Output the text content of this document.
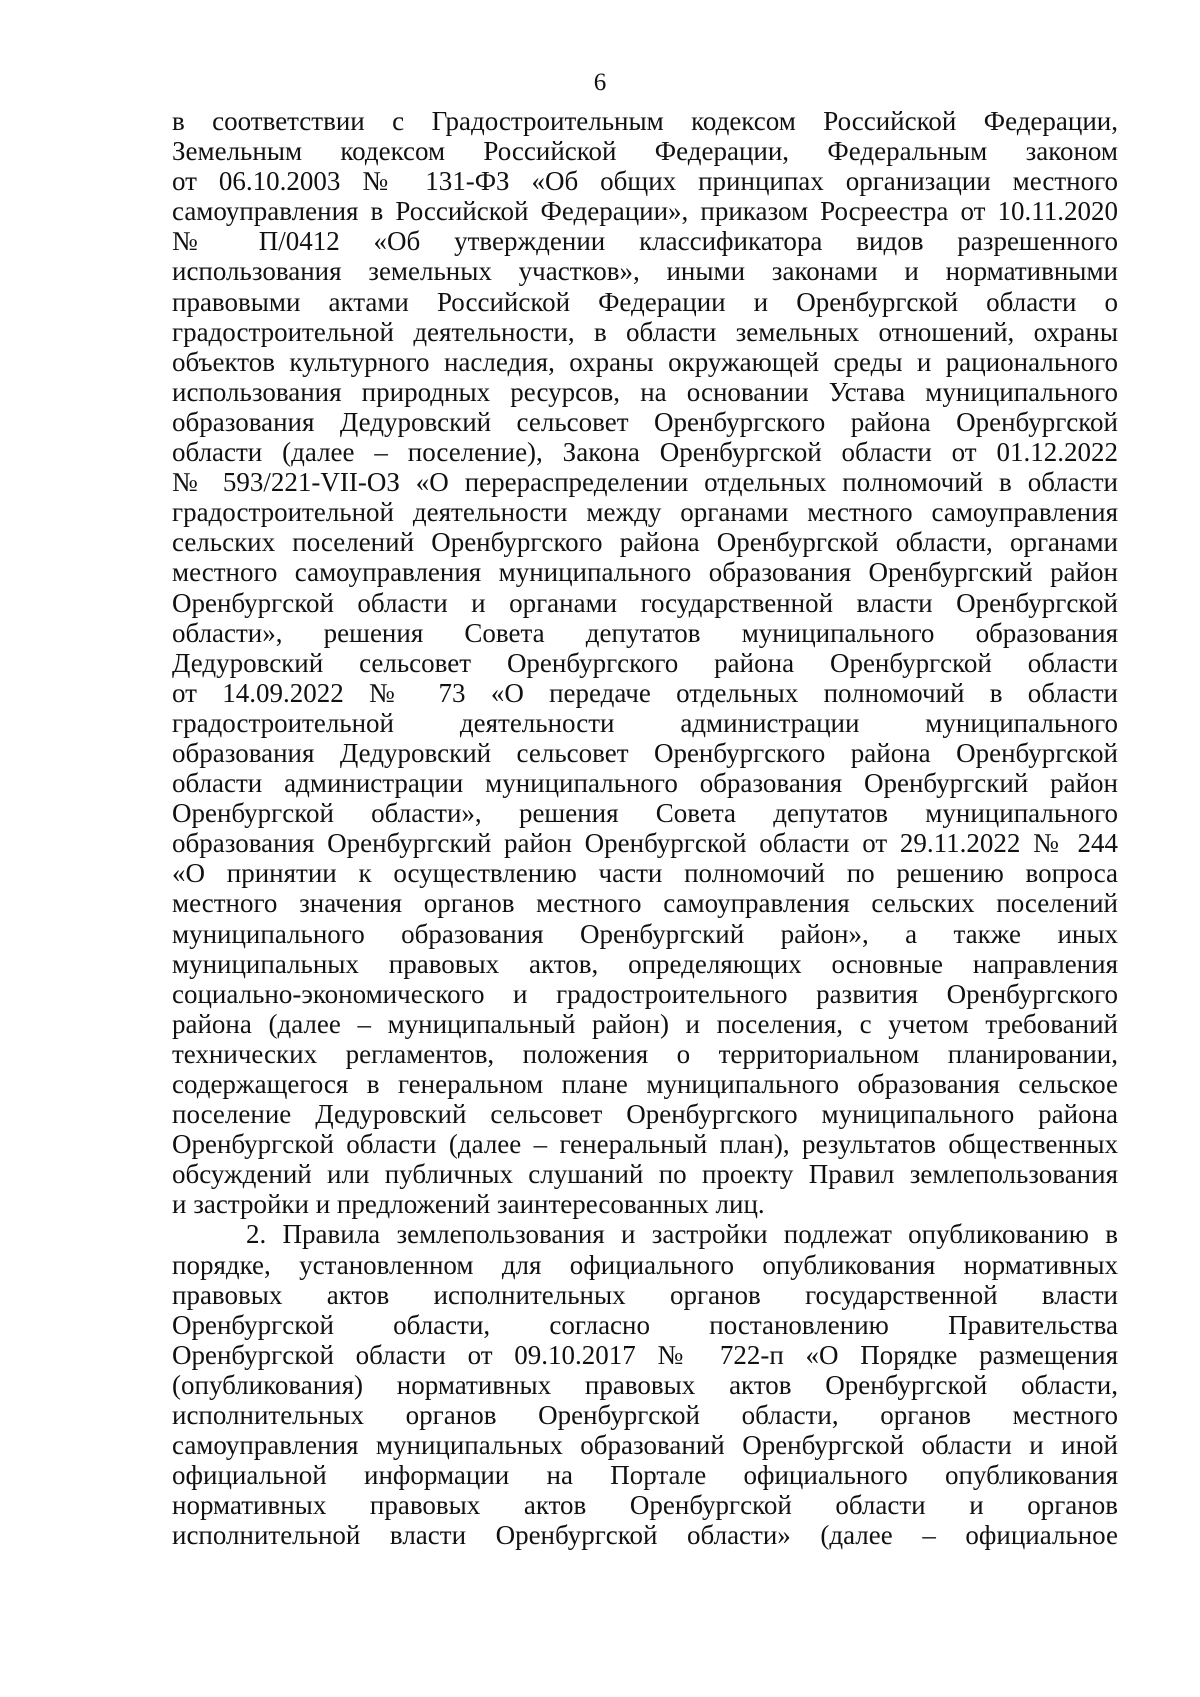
6
в соответствии с Градостроительным кодексом Российской Федерации,
Земельным кодексом Российской Федерации, Федеральным законом
от 06.10.2003 № 131-ФЗ «Об общих принципах организации местного
самоуправления в Российской Федерации», приказом Росреестра от 10.11.2020
№ П/0412 «Об утверждении классификатора видов разрешенного
использования земельных участков», иными законами и нормативными
правовыми актами Российской Федерации и Оренбургской области о
градостроительной деятельности, в области земельных отношений, охраны
объектов культурного наследия, охраны окружающей среды и рационального
использования природных ресурсов, на основании Устава муниципального
образования Дедуровский сельсовет Оренбургского района Оренбургской
области (далее – поселение), Закона Оренбургской области от 01.12.2022
№ 593/221-VII-ОЗ «О перераспределении отдельных полномочий в области
градостроительной деятельности между органами местного самоуправления
сельских поселений Оренбургского района Оренбургской области, органами
местного самоуправления муниципального образования Оренбургский район
Оренбургской области и органами государственной власти Оренбургской
области», решения Совета депутатов муниципального образования
Дедуровский сельсовет Оренбургского района Оренбургской области
от 14.09.2022 № 73 «О передаче отдельных полномочий в области
градостроительной деятельности администрации муниципального
образования Дедуровский сельсовет Оренбургского района Оренбургской
области администрации муниципального образования Оренбургский район
Оренбургской области», решения Совета депутатов муниципального
образования Оренбургский район Оренбургской области от 29.11.2022 № 244
«О принятии к осуществлению части полномочий по решению вопроса
местного значения органов местного самоуправления сельских поселений
муниципального образования Оренбургский район», а также иных
муниципальных правовых актов, определяющих основные направления
социально-экономического и градостроительного развития Оренбургского
района (далее – муниципальный район) и поселения, с учетом требований
технических регламентов, положения о территориальном планировании,
содержащегося в генеральном плане муниципального образования сельское
поселение Дедуровский сельсовет Оренбургского муниципального района
Оренбургской области (далее – генеральный план), результатов общественных
обсуждений или публичных слушаний по проекту Правил землепользования
и застройки и предложений заинтересованных лиц.
2. Правила землепользования и застройки подлежат опубликованию в
порядке, установленном для официального опубликования нормативных
правовых актов исполнительных органов государственной власти
Оренбургской области, согласно постановлению Правительства
Оренбургской области от 09.10.2017 № 722-п «О Порядке размещения
(опубликования) нормативных правовых актов Оренбургской области,
исполнительных органов Оренбургской области, органов местного
самоуправления муниципальных образований Оренбургской области и иной
официальной информации на Портале официального опубликования
нормативных правовых актов Оренбургской области и органов
исполнительной власти Оренбургской области» (далее – официальное
